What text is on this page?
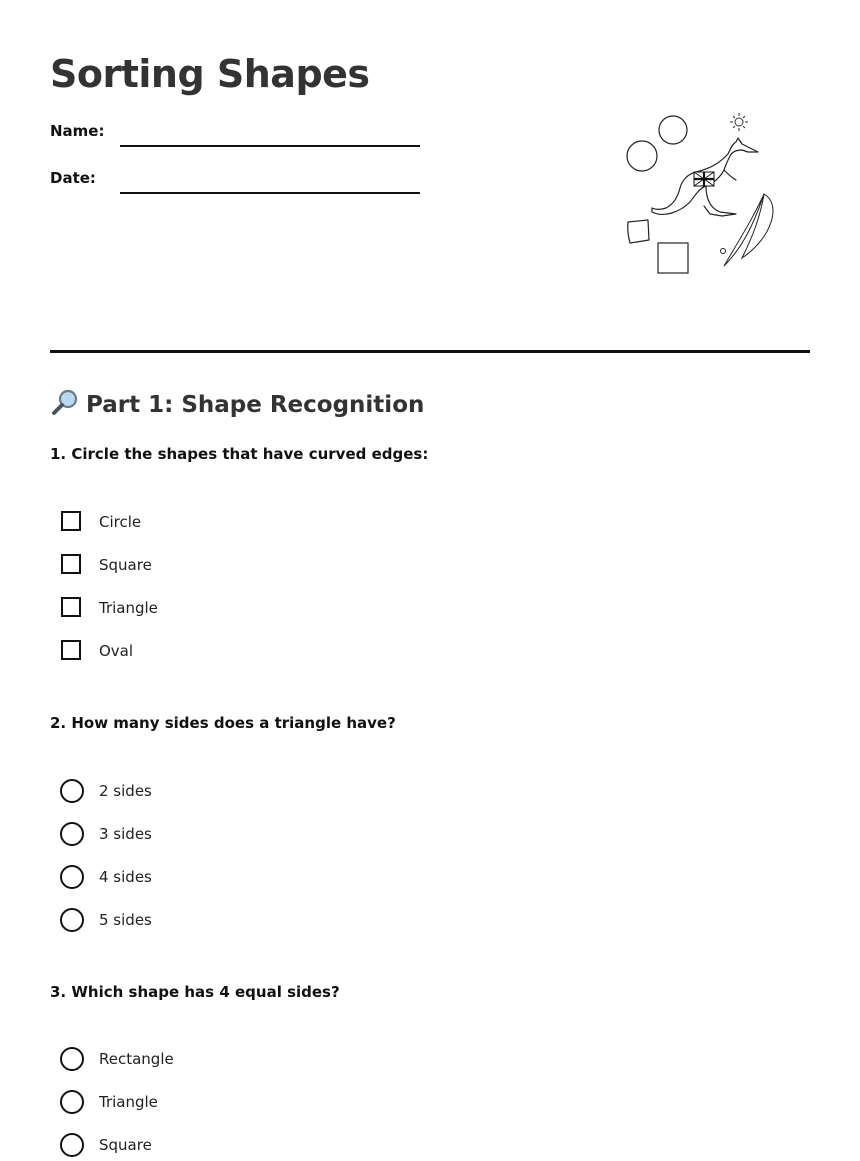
Sorting Shapes
Name:
Date:
Part 1: Shape Recognition

1. Circle the shapes that have curved edges:

Circle
Square
Triangle
Oval

2. How many sides does a triangle have?

2 sides
3 sides
4 sides
5 sides

3. Which shape has 4 equal sides?

Rectangle
Triangle
Square
